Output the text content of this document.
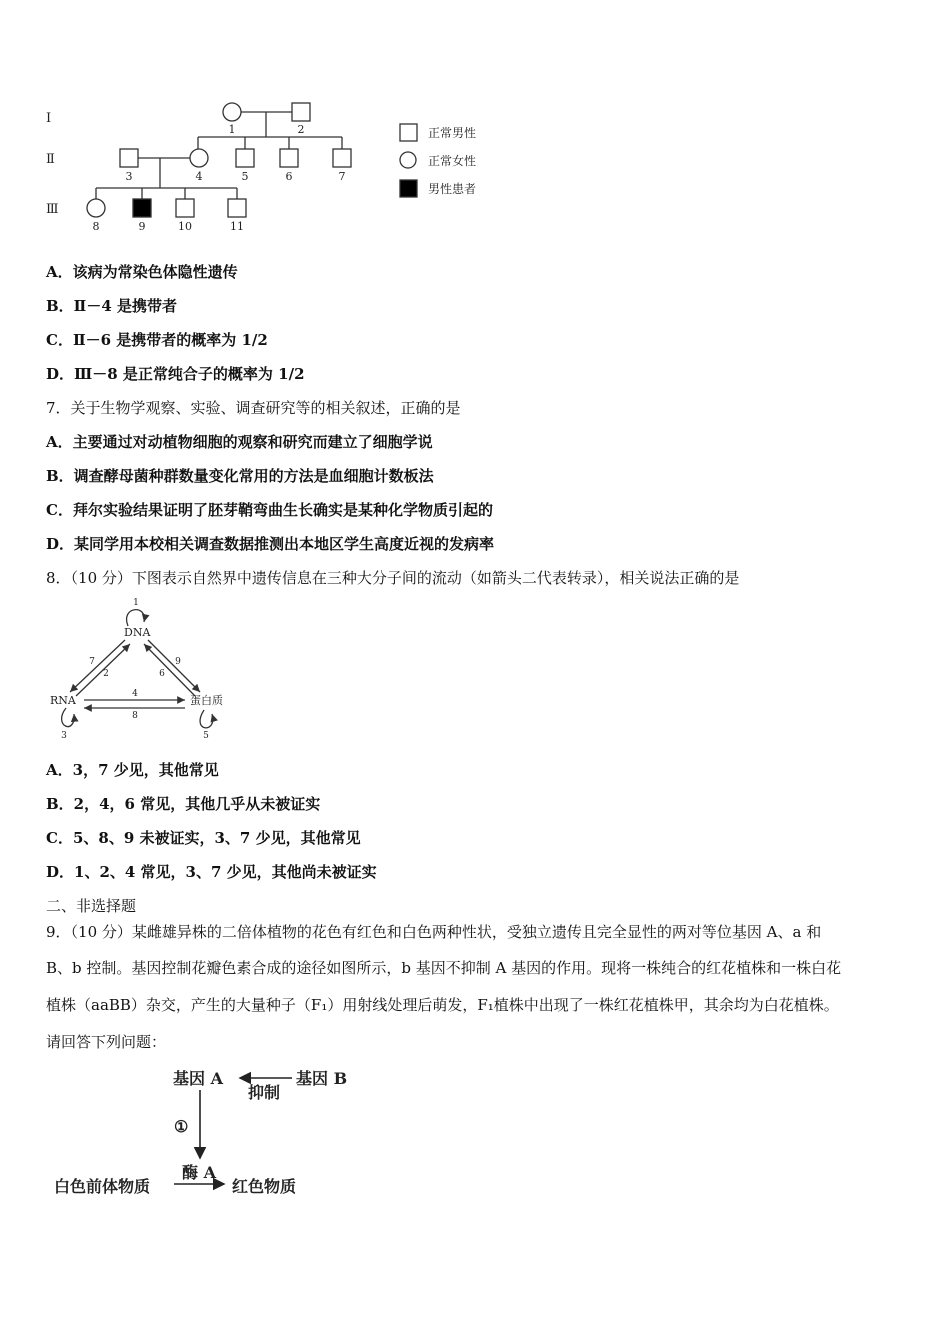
Ⅰ
Ⅱ
Ⅲ
1	2
3	4	5	6	7
8	9	10	11
正常男性
正常女性
男性患者
A．该病为常染色体隐性遗传
B．Ⅱ－4 是携带者
C．Ⅱ－6 是携带者的概率为 1/2
D．Ⅲ－8 是正常纯合子的概率为 1/2
7．关于生物学观察、实验、调查研究等的相关叙述，正确的是
A．主要通过对动植物细胞的观察和研究而建立了细胞学说
B．调查酵母菌种群数量变化常用的方法是血细胞计数板法
C．拜尔实验结果证明了胚芽鞘弯曲生长确实是某种化学物质引起的
D．某同学用本校相关调查数据推测出本地区学生高度近视的发病率
8．（10 分）下图表示自然界中遗传信息在三种大分子间的流动（如箭头二代表转录），相关说法正确的是
DNA
RNA	蛋白质
1
2
3
4
5
6
7
8
9
A．3，7 少见，其他常见
B．2，4，6 常见，其他几乎从未被证实
C．5、8、9 未被证实，3、7 少见，其他常见
D．1、2、4 常见，3、7 少见，其他尚未被证实
二、非选择题
9．（10 分）某雌雄异株的二倍体植物的花色有红色和白色两种性状，受独立遗传且完全显性的两对等位基因 A、a 和
B、b 控制。基因控制花瓣色素合成的途径如图所示，b 基因不抑制 A 基因的作用。现将一株纯合的红花植株和一株白花
植株（aaBB）杂交，产生的大量种子（F₁）用射线处理后萌发，F₁植株中出现了一株红花植株甲，其余均为白花植株。
请回答下列问题：
基因 A
抑制
基因 B
①
酶 A
白色前体物质	红色物质
